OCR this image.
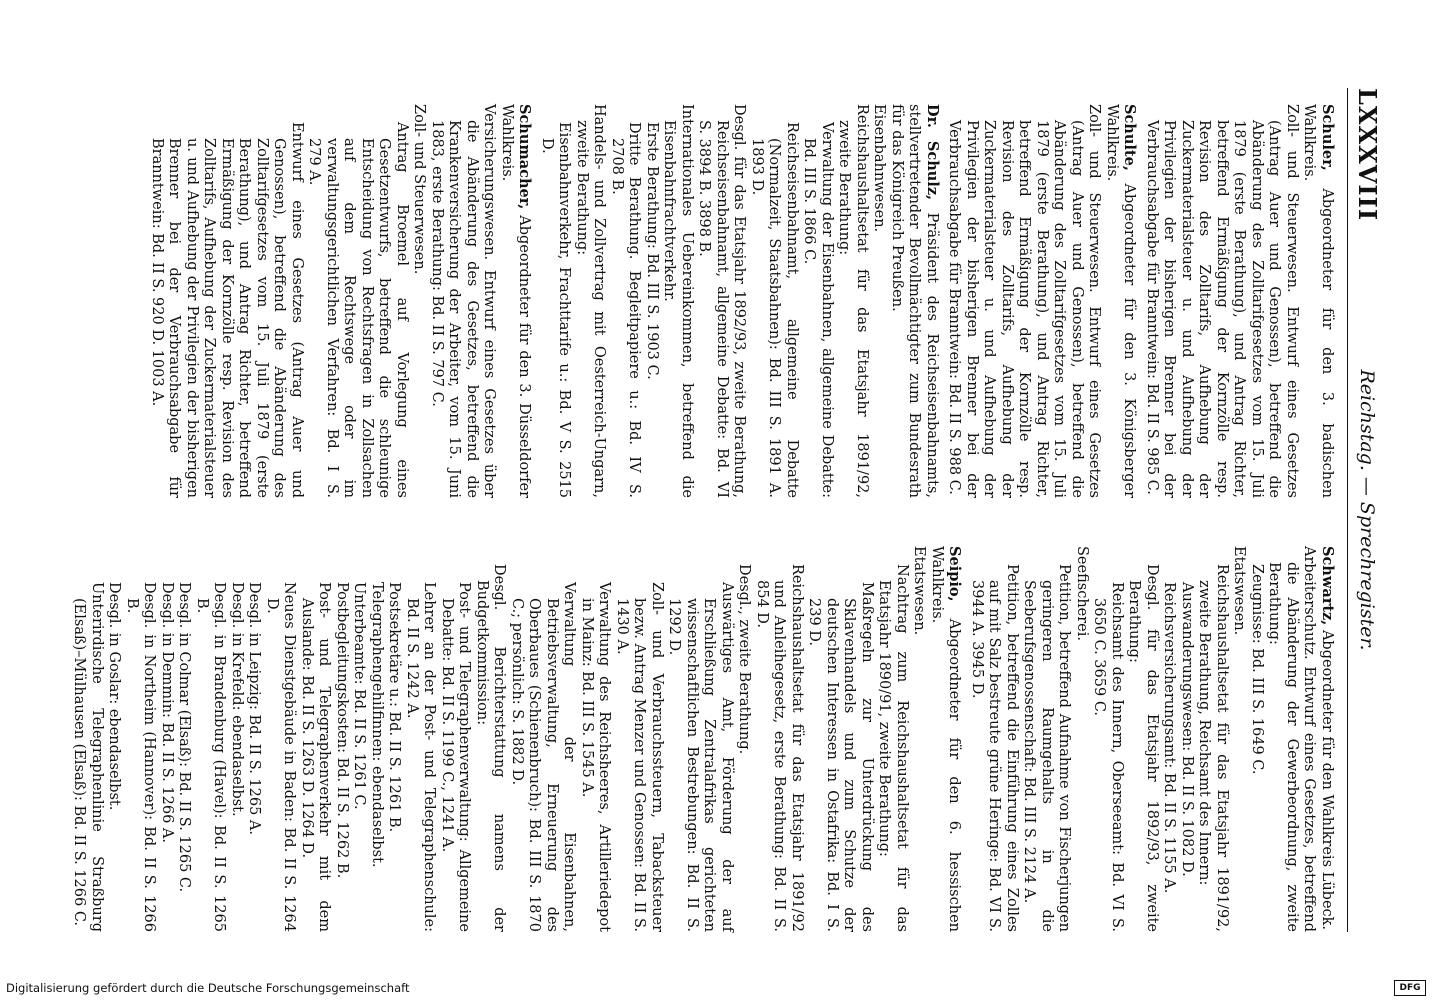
LXXXVIII
Reichstag. — Sprechregister.

Schuler, Abgeordneter für den 3. badischen Wahlkreis.

Zoll- und Steuerwesen. Entwurf eines Gesetzes (Antrag Auer und Genossen), betreffend die Abänderung des Zolltarifgesetzes vom 15. Juli 1879 (erste Berathung), und Antrag Richter, betreffend Ermäßigung der Kornzölle resp. Revision des Zolltarifs, Aufhebung der Zuckermaterialsteuer u. und Aufhebung der Privilegien der bisherigen Brenner bei der Verbrauchsabgabe für Branntwein: Bd. II S. 985 C.

Schulte, Abgeordneter für den 3. Königsberger Wahlkreis.

Zoll- und Steuerwesen. Entwurf eines Gesetzes (Antrag Auer und Genossen), betreffend die Abänderung des Zolltarifgesetzes vom 15. Juli 1879 (erste Berathung), und Antrag Richter, betreffend Ermäßigung der Kornzölle resp. Revision des Zolltarifs, Aufhebung der Zuckermaterialsteuer u. und Aufhebung der Privilegien der bisherigen Brenner bei der Verbrauchsabgabe für Branntwein: Bd. II S. 988 C.

Dr. Schulz, Präsident des Reichseisenbahnamts, stellvertretender Bevollmächtigter zum Bundesrath für das Königreich Preußen.

Eisenbahnwesen.

Reichshaushaltsetat für das Etatsjahr 1891/92, zweite Berathung:

Verwaltung der Eisenbahnen, allgemeine Debatte: Bd. III S. 1866 C.

Reichseisenbahnamt, allgemeine Debatte (Normalzeit, Staatsbahnen): Bd. III S. 1891 A. 1893 D.

Desgl. für das Etatsjahr 1892/93, zweite Berathung, Reichseisenbahnamt, allgemeine Debatte: Bd. VI S. 3894 B. 3898 B.

Internationales Uebereinkommen, betreffend die Eisenbahnfrachtverkehr.

Erste Berathung: Bd. III S. 1903 C.

Dritte Berathung. Begleitpapiere u.: Bd. IV S. 2708 B.

Handels- und Zollvertrag mit Oesterreich-Ungarn, zweite Berathung:

Eisenbahnverkehr, Frachttarife u.: Bd. V S. 2515 D.

Schumacher, Abgeordneter für den 3. Düsseldorfer Wahlkreis.

Versicherungswesen. Entwurf eines Gesetzes über die Abänderung des Gesetzes, betreffend die Krankenversicherung der Arbeiter, vom 15. Juni 1883, erste Berathung: Bd. II S. 797 C.

Zoll- und Steuerwesen.

Antrag Broemel auf Vorlegung eines Gesetzentwurfs, betreffend die schleunige Entscheidung von Rechtsfragen in Zollsachen auf dem Rechtswege oder im verwaltungsgerichtlichen Verfahren: Bd. I S. 279 A.

Entwurf eines Gesetzes (Antrag Auer und Genossen), betreffend die Abänderung des Zolltarifgesetzes vom 15. Juli 1879 (erste Berathung), und Antrag Richter, betreffend Ermäßigung der Kornzölle resp. Revision des Zolltarifs, Aufhebung der Zuckermaterialsteuer u. und Aufhebung der Privilegien der bisherigen Brenner bei der Verbrauchsabgabe für Branntwein: Bd. II S. 920 D. 1003 A.

Schwartz, Abgeordneter für den Wahlkreis Lübeck.

Arbeiterschutz. Entwurf eines Gesetzes, betreffend die Abänderung der Gewerbeordnung, zweite Berathung:

Zeugnisse: Bd. III S. 1649 C.

Etatswesen.

Reichshaushaltsetat für das Etatsjahr 1891/92, zweite Berathung, Reichsamt des Innern:

Auswanderungswesen: Bd. II S. 1082 D.

Reichsversicherungsamt: Bd. II S. 1155 A.

Desgl. für das Etatsjahr 1892/93, zweite Berathung:

Reichsamt des Innern, Oberseeamt: Bd. VI S. 3650 C. 3659 C.

Seefischerei.

Petition, betreffend Aufnahme von Fischerjungen geringeren Raumgehalts in die Seeberufsgenossenschaft: Bd. III S. 2124 A.

Petition, betreffend die Einführung eines Zolles auf mit Salz bestreute grüne Heringe: Bd. VI S. 3944 A. 3945 D.

Seipio, Abgeordneter für den 6. hessischen Wahlkreis.

Etatswesen.

Nachtrag zum Reichshaushaltsetat für das Etatsjahr 1890/91, zweite Berathung:

Maßregeln zur Unterdrückung des Sklavenhandels und zum Schutze der deutschen Interessen in Ostafrika: Bd. I S. 239 D.

Reichshaushaltsetat für das Etatsjahr 1891/92 und Anleihegesetz, erste Berathung: Bd. II S. 854 D.

Desgl., zweite Berathung.

Auswärtiges Amt, Förderung der auf Erschließung Zentralafrikas gerichteten wissenschaftlichen Bestrebungen: Bd. II S. 1292 D.

Zoll- und Verbrauchssteuern, Tabacksteuer bezw. Antrag Menzer und Genossen: Bd. II S. 1430 A.

Verwaltung des Reichsheeres, Artilleriedepot in Mainz: Bd. III S. 1545 A.

Verwaltung der Eisenbahnen, Betriebsverwaltung, Erneuerung des Oberbaues (Schienenbruch): Bd. III S. 1870 C.; persönlich: S. 1882 D.

Desgl. Berichterstattung namens der Budgetkommission:

Post- und Telegraphenverwaltung: Allgemeine Debatte: Bd. II S. 1199 C., 1241 A.

Lehrer an der Post- und Telegraphenschule: Bd. II S. 1242 A.

Postsekretäre u.: Bd. II S. 1261 B.

Telegraphengehilfinnen: ebendaselbst.

Unterbeamte: Bd. II S. 1261 C.

Postbegleitungskosten: Bd. II S. 1262 B.

Post- und Telegraphenverkehr mit dem Auslande: Bd. II S. 1263 D. 1264 D.

Neues Dienstgebäude in Baden: Bd. II S. 1264 D.

Desgl. in Leipzig: Bd. II S. 1265 A.

Desgl. in Krefeld: ebendaselbst.

Desgl. in Brandenburg (Havel): Bd. II S. 1265 B.

Desgl. in Colmar (Elsaß): Bd. II S. 1265 C.

Desgl. in Demmin: Bd. II S. 1266 A.

Desgl. in Northeim (Hannover): Bd. II S. 1266 B.

Desgl. in Goslar: ebendaselbst.

Unterirdische Telegraphenlinie Straßburg (Elsaß)–Mülhausen (Elsaß): Bd. II S. 1266 C.

Digitalisierung gefördert durch die Deutsche Forschungsgemeinschaft	DFG
